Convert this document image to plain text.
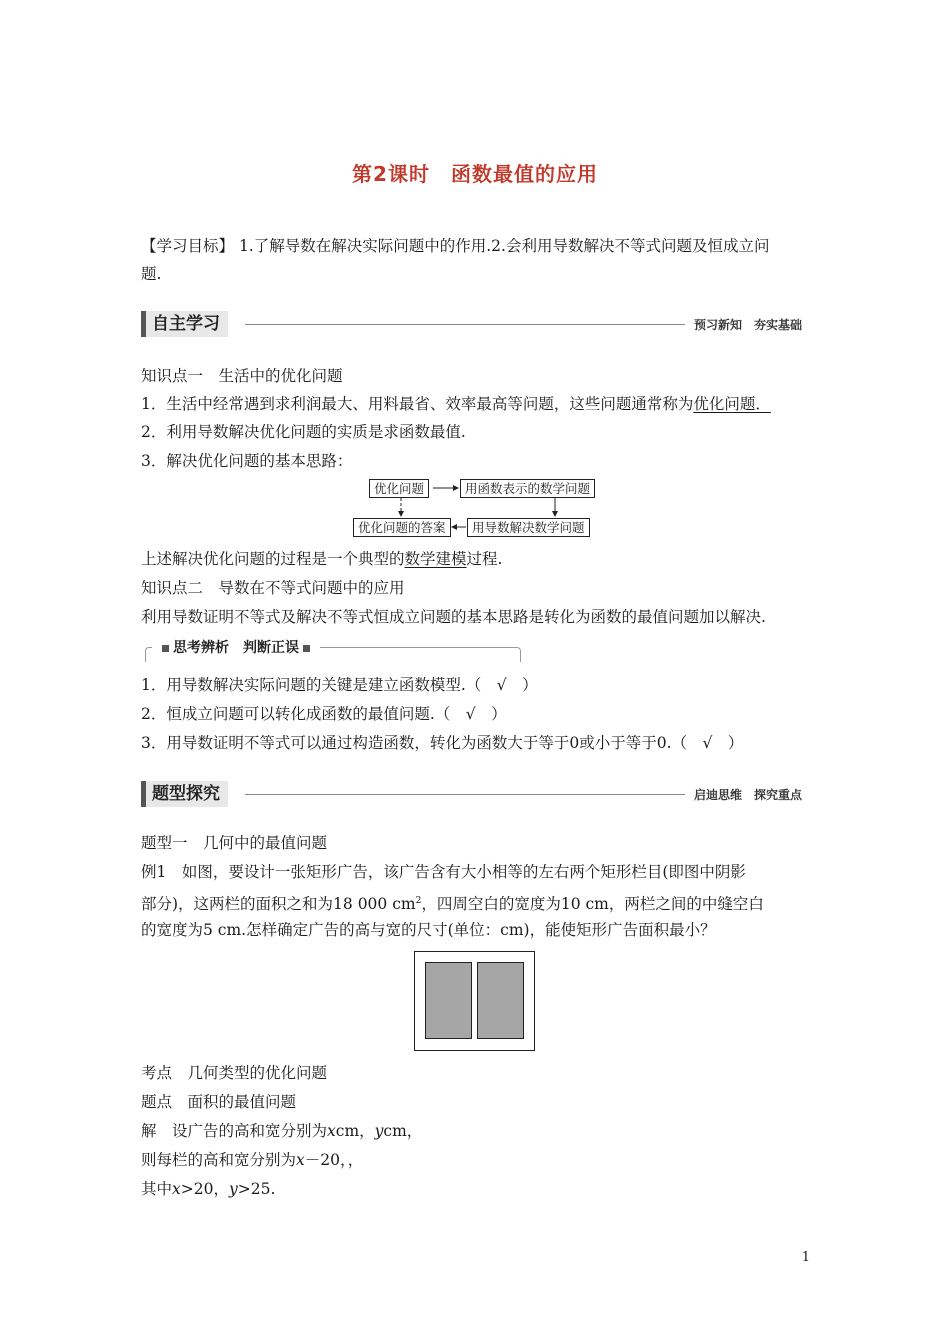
第2课时　函数最值的应用
【学习目标】 1.了解导数在解决实际问题中的作用.2.会利用导数解决不等式问题及恒成立问
题.
自主学习	预习新知　夯实基础
知识点一　生活中的优化问题
1．生活中经常遇到求利润最大、用料最省、效率最高等问题，这些问题通常称为优化问题．
2．利用导数解决优化问题的实质是求函数最值.
3．解决优化问题的基本思路：
优化问题	用函数表示的数学问题
用导数解决数学问题
优化问题的答案
上述解决优化问题的过程是一个典型的数学建模过程.
知识点二　导数在不等式问题中的应用
利用导数证明不等式及解决不等式恒成立问题的基本思路是转化为函数的最值问题加以解决.
思考辨析　判断正误
1．用导数解决实际问题的关键是建立函数模型.（　√　）
2．恒成立问题可以转化成函数的最值问题.（　√　）
3．用导数证明不等式可以通过构造函数，转化为函数大于等于0或小于等于0.（　√　）
题型探究	启迪思维　探究重点
题型一　几何中的最值问题
例1　如图，要设计一张矩形广告，该广告含有大小相等的左右两个矩形栏目(即图中阴影
部分)，这两栏的面积之和为18 000 $cm^2$，四周空白的宽度为10 cm，两栏之间的中缝空白
的宽度为5 cm.怎样确定广告的高与宽的尺寸(单位：cm)，能使矩形广告面积最小？
考点　几何类型的优化问题
题点　面积的最值问题
解　设广告的高和宽分别为xcm，ycm，
则每栏的高和宽分别为x－20，，
其中x>20，y>25.
1
